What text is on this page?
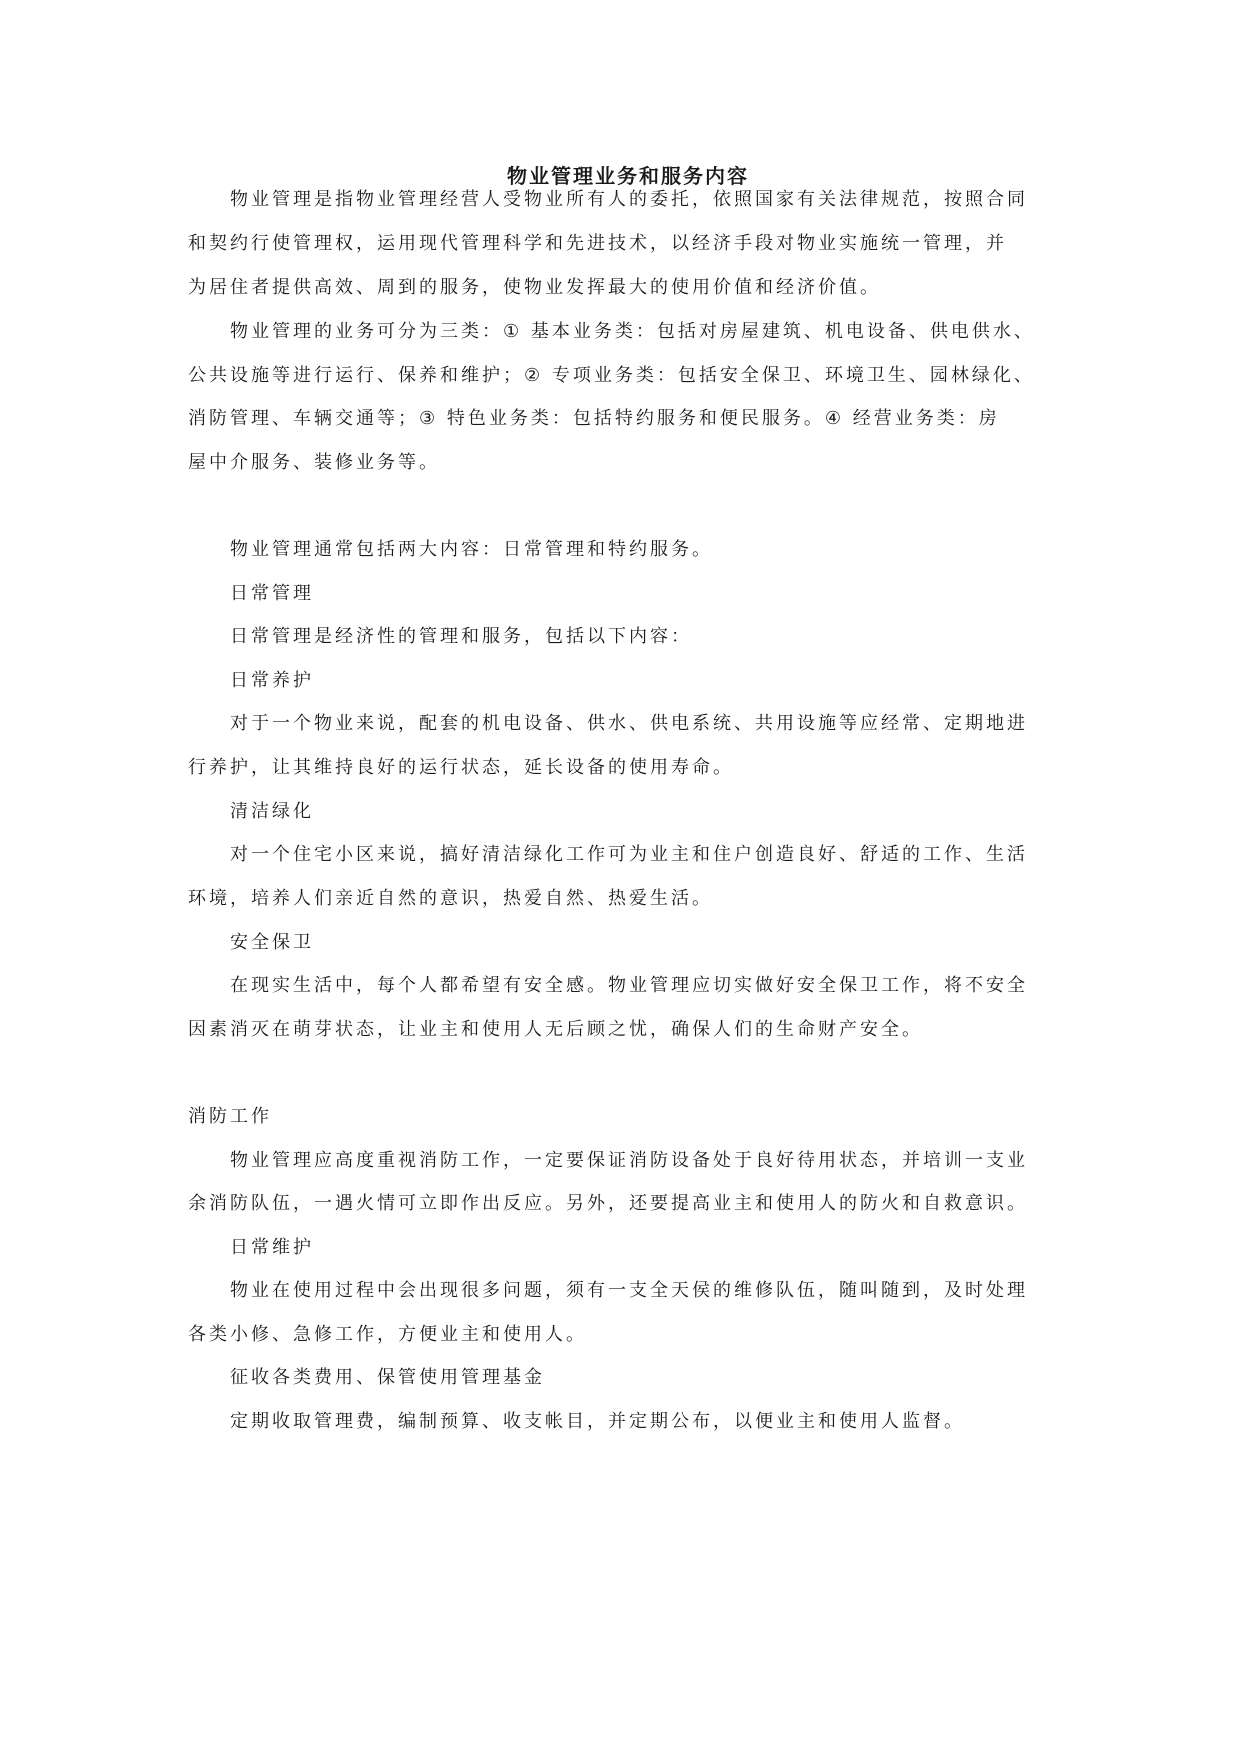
物业管理业务和服务内容

物业管理是指物业管理经营人受物业所有人的委托，依照国家有关法律规范，按照合同

和契约行使管理权，运用现代管理科学和先进技术，以经济手段对物业实施统一管理，并

为居住者提供高效、周到的服务，使物业发挥最大的使用价值和经济价值。

物业管理的业务可分为三类：① 基本业务类：包括对房屋建筑、机电设备、供电供水、

公共设施等进行运行、保养和维护；② 专项业务类：包括安全保卫、环境卫生、园林绿化、

消防管理、车辆交通等；③ 特色业务类：包括特约服务和便民服务。④ 经营业务类：房

屋中介服务、装修业务等。

物业管理通常包括两大内容：日常管理和特约服务。

日常管理

日常管理是经济性的管理和服务，包括以下内容：

日常养护

对于一个物业来说，配套的机电设备、供水、供电系统、共用设施等应经常、定期地进

行养护，让其维持良好的运行状态，延长设备的使用寿命。

清洁绿化

对一个住宅小区来说，搞好清洁绿化工作可为业主和住户创造良好、舒适的工作、生活

环境，培养人们亲近自然的意识，热爱自然、热爱生活。

安全保卫

在现实生活中，每个人都希望有安全感。物业管理应切实做好安全保卫工作，将不安全

因素消灭在萌芽状态，让业主和使用人无后顾之忧，确保人们的生命财产安全。

消防工作

物业管理应高度重视消防工作，一定要保证消防设备处于良好待用状态，并培训一支业

余消防队伍，一遇火情可立即作出反应。另外，还要提高业主和使用人的防火和自救意识。

日常维护

物业在使用过程中会出现很多问题，须有一支全天侯的维修队伍，随叫随到，及时处理

各类小修、急修工作，方便业主和使用人。

征收各类费用、保管使用管理基金

定期收取管理费，编制预算、收支帐目，并定期公布，以便业主和使用人监督。
